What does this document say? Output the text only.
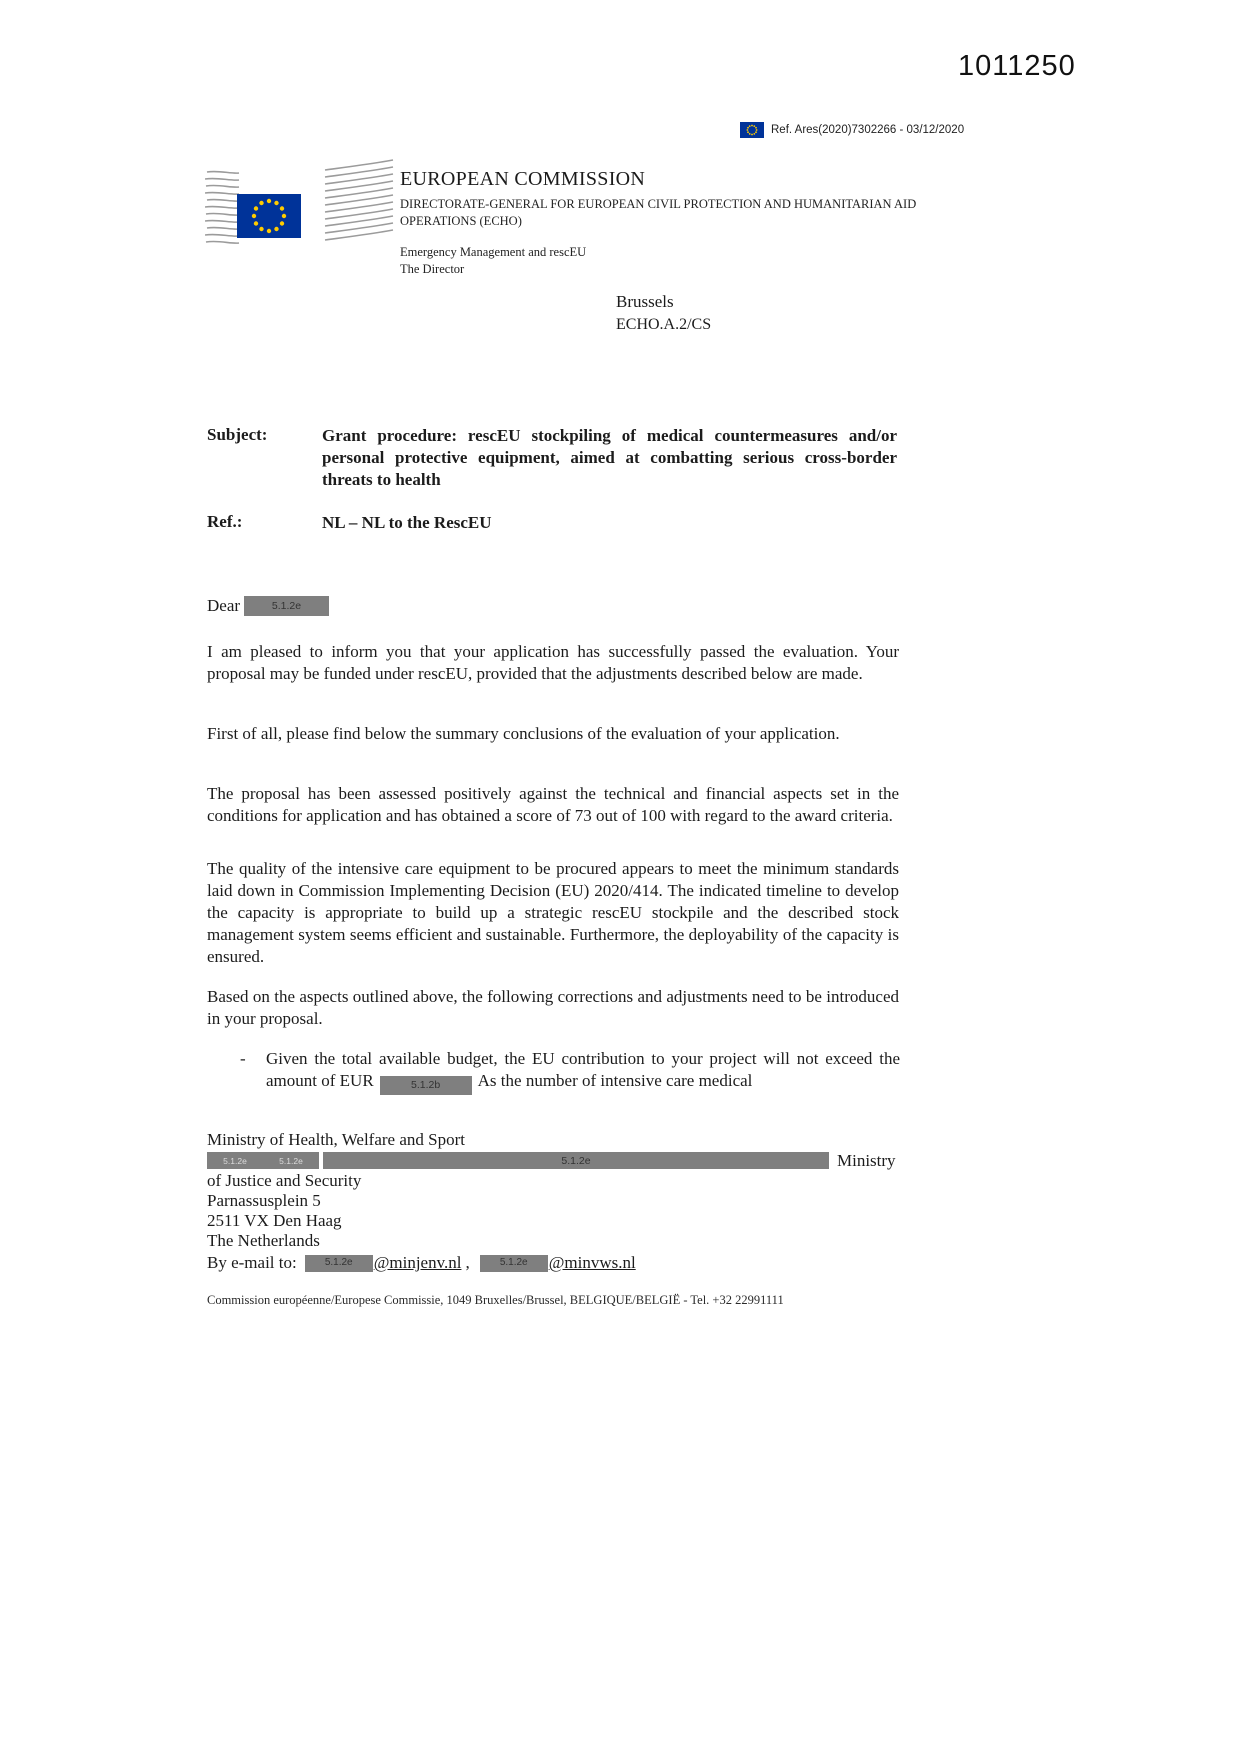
1011250
Ref. Ares(2020)7302266 - 03/12/2020
EUROPEAN COMMISSION
DIRECTORATE-GENERAL FOR EUROPEAN CIVIL PROTECTION AND HUMANITARIAN AID OPERATIONS (ECHO)
Emergency Management and rescEU
The Director
Brussels
ECHO.A.2/CS
Subject:	Grant procedure: rescEU stockpiling of medical countermeasures and/or personal protective equipment, aimed at combatting serious cross-border threats to health
Ref.:	NL – NL to the RescEU
Dear	5.1.2e

I am pleased to inform you that your application has successfully passed the evaluation. Your proposal may be funded under rescEU, provided that the adjustments described below are made.

First of all, please find below the summary conclusions of the evaluation of your application.

The proposal has been assessed positively against the technical and financial aspects set in the conditions for application and has obtained a score of 73 out of 100 with regard to the award criteria.

The quality of the intensive care equipment to be procured appears to meet the minimum standards laid down in Commission Implementing Decision (EU) 2020/414. The indicated timeline to develop the capacity is appropriate to build up a strategic rescEU stockpile and the described stock management system seems efficient and sustainable. Furthermore, the deployability of the capacity is ensured.

Based on the aspects outlined above, the following corrections and adjustments need to be introduced in your proposal.

-	Given the total available budget, the EU contribution to your project will not exceed the amount of EUR	5.1.2b As the number of intensive care medical

Ministry of Health, Welfare and Sport
5.1.2e	5.1.2e	5.1.2e	Ministry
of Justice and Security
Parnassusplein 5
2511 VX Den Haag
The Netherlands
By e-mail to:	5.1.2e	@minjenv.nl ,	5.1.2e	@minvws.nl
Commission européenne/Europese Commissie, 1049 Bruxelles/Brussel, BELGIQUE/BELGIË - Tel. +32 22991111
